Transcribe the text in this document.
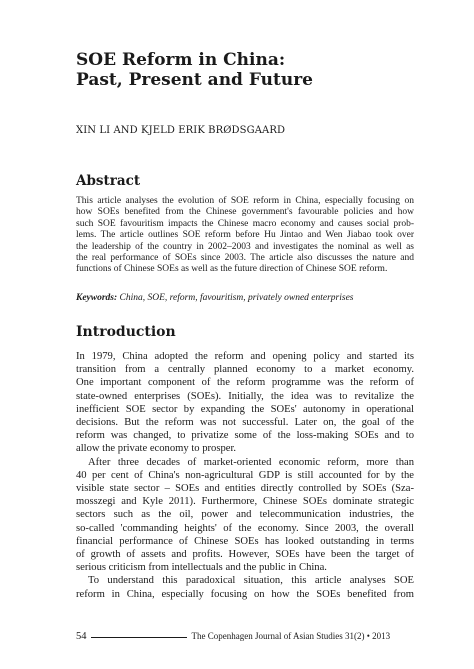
SOE Reform in China:
Past, Present and Future

XIN LI AND KJELD ERIK BRØDSGAARD

Abstract
This article analyses the evolution of SOE reform in China, especially focusing on
how SOEs benefited from the Chinese government's favourable policies and how
such SOE favouritism impacts the Chinese macro economy and causes social prob-
lems. The article outlines SOE reform before Hu Jintao and Wen Jiabao took over
the leadership of the country in 2002–2003 and investigates the nominal as well as
the real performance of SOEs since 2003. The article also discusses the nature and
functions of Chinese SOEs as well as the future direction of Chinese SOE reform.

Keywords: China, SOE, reform, favouritism, privately owned enterprises

Introduction
In 1979, China adopted the reform and opening policy and started its
transition from a centrally planned economy to a market economy.
One important component of the reform programme was the reform of
state-owned enterprises (SOEs). Initially, the idea was to revitalize the
inefficient SOE sector by expanding the SOEs' autonomy in operational
decisions. But the reform was not successful. Later on, the goal of the
reform was changed, to privatize some of the loss-making SOEs and to
allow the private economy to prosper.
After three decades of market-oriented economic reform, more than
40 per cent of China's non-agricultural GDP is still accounted for by the
visible state sector – SOEs and entities directly controlled by SOEs (Sza-
mosszegi and Kyle 2011). Furthermore, Chinese SOEs dominate strategic
sectors such as the oil, power and telecommunication industries, the
so-called 'commanding heights' of the economy. Since 2003, the overall
financial performance of Chinese SOEs has looked outstanding in terms
of growth of assets and profits. However, SOEs have been the target of
serious criticism from intellectuals and the public in China.
To understand this paradoxical situation, this article analyses SOE
reform in China, especially focusing on how the SOEs benefited from
54	The Copenhagen Journal of Asian Studies 31(2) • 2013
